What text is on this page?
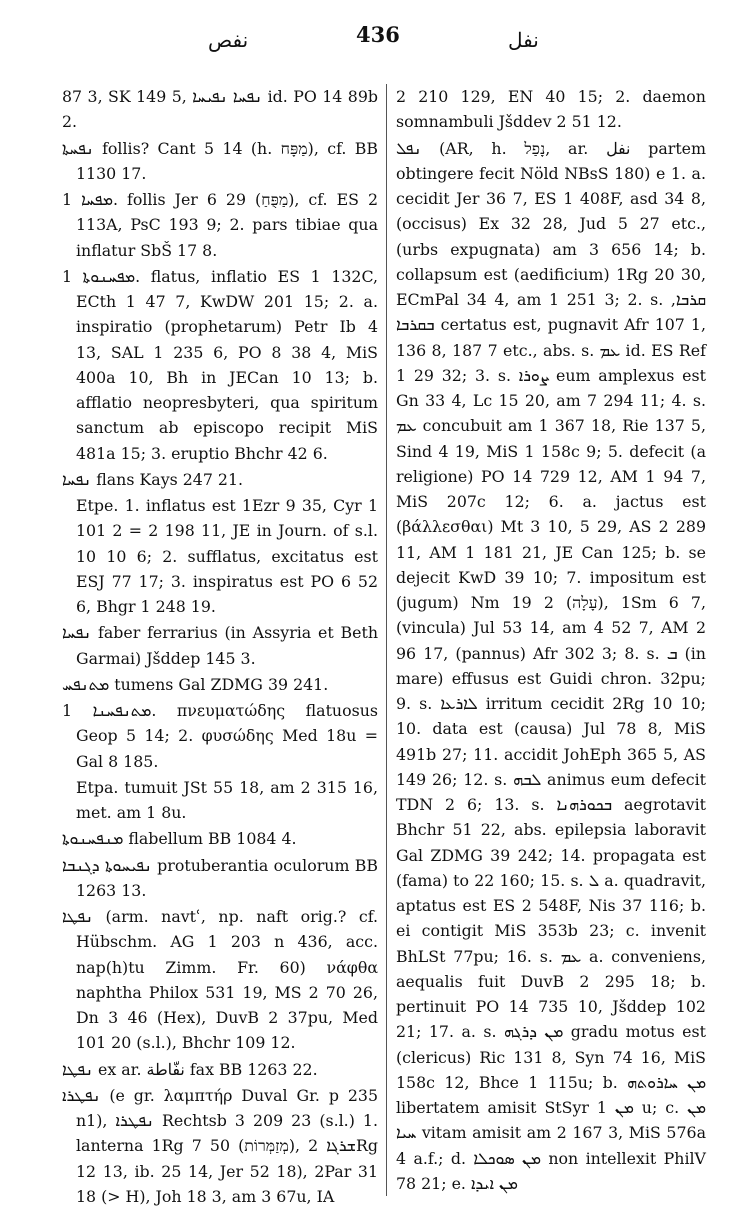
نفص	436	نفل

87 3, SK 149 5, ܢܦܚܐ ܢܦܝܚܐ id. PO 14 89b 2.

ܢܦܚܬܐ follis? Cant 5 14 (h. מַפָּח), cf. BB 1130 17.

ܡܦܚܐ 1. follis Jer 6 29 (מַפֻּחַ), cf. ES 2 113A, PsC 193 9; 2. pars tibiae qua inflatur SbŠ 17 8.

ܡܦܚܢܘܬܐ 1. flatus, inflatio ES 1 132C, ECth 1 47 7, KwDW 201 15; 2. a. inspiratio (prophetarum) Petr Ib 4 13, SAL 1 235 6, PO 8 38 4, MiS 400a 10, Bh in JECan 10 13; b. afflatio neopresbyteri, qua spiritum sanctum ab episcopo recipit MiS 481a 15; 3. eruptio Bhchr 42 6.

ܢܦܚܐ flans Kays 247 21.

Etpe. 1. inflatus est 1Ezr 9 35, Cyr 1 101 2 = 2 198 11, JE in Journ. of s.l. 10 10 6; 2. sufflatus, excitatus est ESJ 77 17; 3. inspiratus est PO 6 52 6, Bhgr 1 248 19.

ܢܦܚܐ faber ferrarius (in Assyria et Beth Garmai) Jšddep 145 3.

ܡܬܢܦܚ tumens Gal ZDMG 39 241.

ܡܬܢܦܚܢܐ 1. πνευματώδης flatuosus Geop 5 14; 2. φυσώδης Med 18u = Gal 8 185.

Etpa. tumuit JSt 55 18, am 2 315 16, met. am 1 8u.

ܡܢܦܚܢܘܬܐ flabellum BB 1084 4.

ܢܦܝܚܘܬܐ ܕܓܢܒܐ protuberantia oculorum BB 1263 13.

ܢܦܛܐ (arm. navtʿ, np. naft orig.? cf. Hübschm. AG 1 203 n 436, acc. nap(h)tu Zimm. Fr. 60) νάφθα naphtha Philox 531 19, MS 2 70 26, Dn 3 46 (Hex), DuvB 2 37pu, Med 101 20 (s.l.), Bhchr 109 12.

ܢܦܛܐ ex ar. نفّاطة fax BB 1263 22.

ܢܦܛܪܐ (e gr. λαμπτήρ Duval Gr. p 235 n1), ܢܦܛܪܐ Rechtsb 3 209 23 (s.l.) 1. lanterna 1Rg 7 50 (מְזַמְּרוֹת), ܫܪܓܐ 2Rg 12 13, ib. 25 14, Jer 52 18), 2Par 31 18 (> H), Joh 18 3, am 3 67u, IA

2 210 129, EN 40 15; 2. daemon somnambuli Jšddev 2 51 12.

ܢܦܠ (AR, h. נָפַל, ar. نفل partem obtingere fecit Nöld NBsS 180) e 1. a. cecidit Jer 36 7, ES 1 408F, asd 34 8, (occisus) Ex 32 28, Jud 5 27 etc., (urbs expugnata) am 3 656 14; b. collapsum est (aedificium) 1Rg 20 30, ECmPal 34 4, am 1 251 3; 2. s. ܩܪܒܐ, ܒܩܪܒܐ certatus est, pugnavit Afr 107 1, 136 8, 187 7 etc., abs. s. ܥܡ id. ES Ref 1 29 32; 3. s. ܨܘܪܐ eum amplexus est Gn 33 4, Lc 15 20, am 7 294 11; 4. s. ܥܡ concubuit am 1 367 18, Rie 137 5, Sind 4 19, MiS 1 158c 9; 5. defecit (a religione) PO 14 729 12, AM 1 94 7, MiS 207c 12; 6. a. jactus est (βάλλεσθαι) Mt 3 10, 5 29, AS 2 289 11, AM 1 181 21, JE Can 125; b. se dejecit KwD 39 10; 7. impositum est (jugum) Nm 19 2 (עָלָה), 1Sm 6 7, (vincula) Jul 53 14, am 4 52 7, AM 2 96 17, (pannus) Afr 302 3; 8. s. ܒ (in mare) effusus est Guidi chron. 32pu; 9. s. ܠܐܪܥܐ irritum cecidit 2Rg 10 10; 10. data est (causa) Jul 78 8, MiS 491b 27; 11. accidit JohEph 365 5, AS 149 26; 12. s. ܠܒܗ animus eum defecit TDN 2 6; 13. s. ܒܟܘܪܗܢܐ aegrotavit Bhchr 51 22, abs. epilepsia laboravit Gal ZDMG 39 242; 14. propagata est (fama) to 22 160; 15. s. ܠ a. quadravit, aptatus est ES 2 548F, Nis 37 116; b. ei contigit MiS 353b 23; c. invenit BhLSt 77pu; 16. s. ܥܡ a. conveniens, aequalis fuit DuvB 2 295 18; b. pertinuit PO 14 735 10, Jšddep 102 21; 17. a. s. ܡܢ ܕܪܓܗ gradu motus est (clericus) Ric 131 8, Syn 74 16, MiS 158c 12, Bhce 1 115u; b. ܡܢ ܚܐܪܘܬܗ libertatem amisit StSyr 1 ܡܢ u; c. ܡܢ ܚܝܐ vitam amisit am 2 167 3, MiS 576a 4 a.f.; d. ܡܢ ܣܘܟܠܐ non intellexit PhilV 78 21; e. ܡܢ ܐܝܕܐ
